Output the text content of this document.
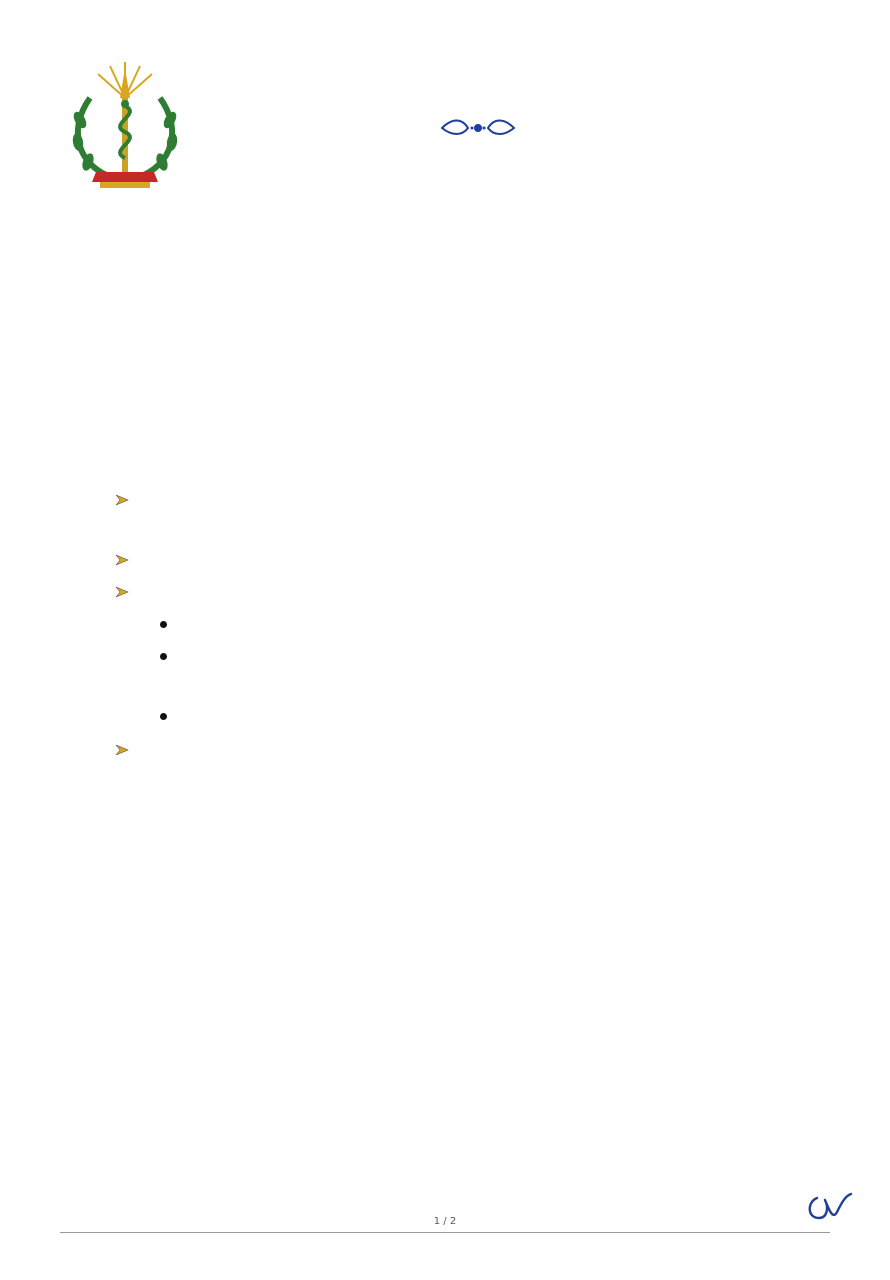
1 / 2
